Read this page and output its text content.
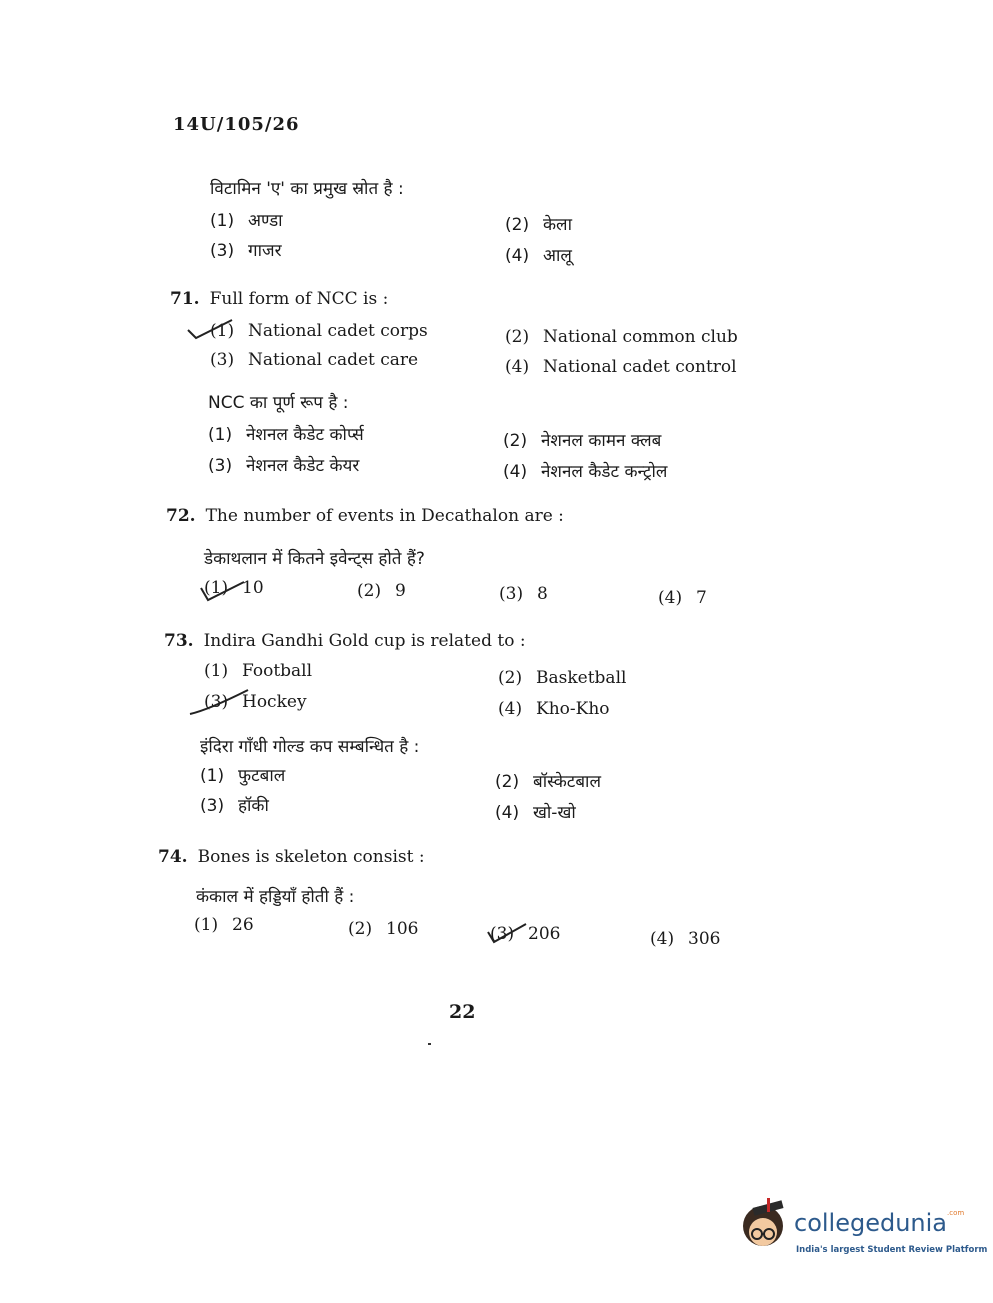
14U/105/26
विटामिन 'ए' का प्रमुख स्रोत है :
(1) अण्डा	(2) केला
(3) गाजर	(4) आलू
71. Full form of NCC is :
(1) National cadet corps	(2) National common club
(3) National cadet care	(4) National cadet control
NCC का पूर्ण रूप है :
(1) नेशनल कैडेट कोर्प्स	(2) नेशनल कामन क्लब
(3) नेशनल कैडेट केयर	(4) नेशनल कैडेट कन्ट्रोल
72. The number of events in Decathalon are :
डेकाथलान में कितने इवेन्ट्स होते हैं?
(1) 10	(2) 9	(3) 8	(4) 7
73. Indira Gandhi Gold cup is related to :
(1) Football	(2) Basketball
(3) Hockey	(4) Kho-Kho
इंदिरा गाँधी गोल्ड कप सम्बन्धित है :
(1) फुटबाल	(2) बॉस्केटबाल
(3) हॉकी	(4) खो-खो
74. Bones is skeleton consist :
कंकाल में हड्डियाँ होती हैं :
(1) 26	(2) 106	(3) 206	(4) 306
22
collegedunia$^{.com}$
India's largest Student Review Platform
